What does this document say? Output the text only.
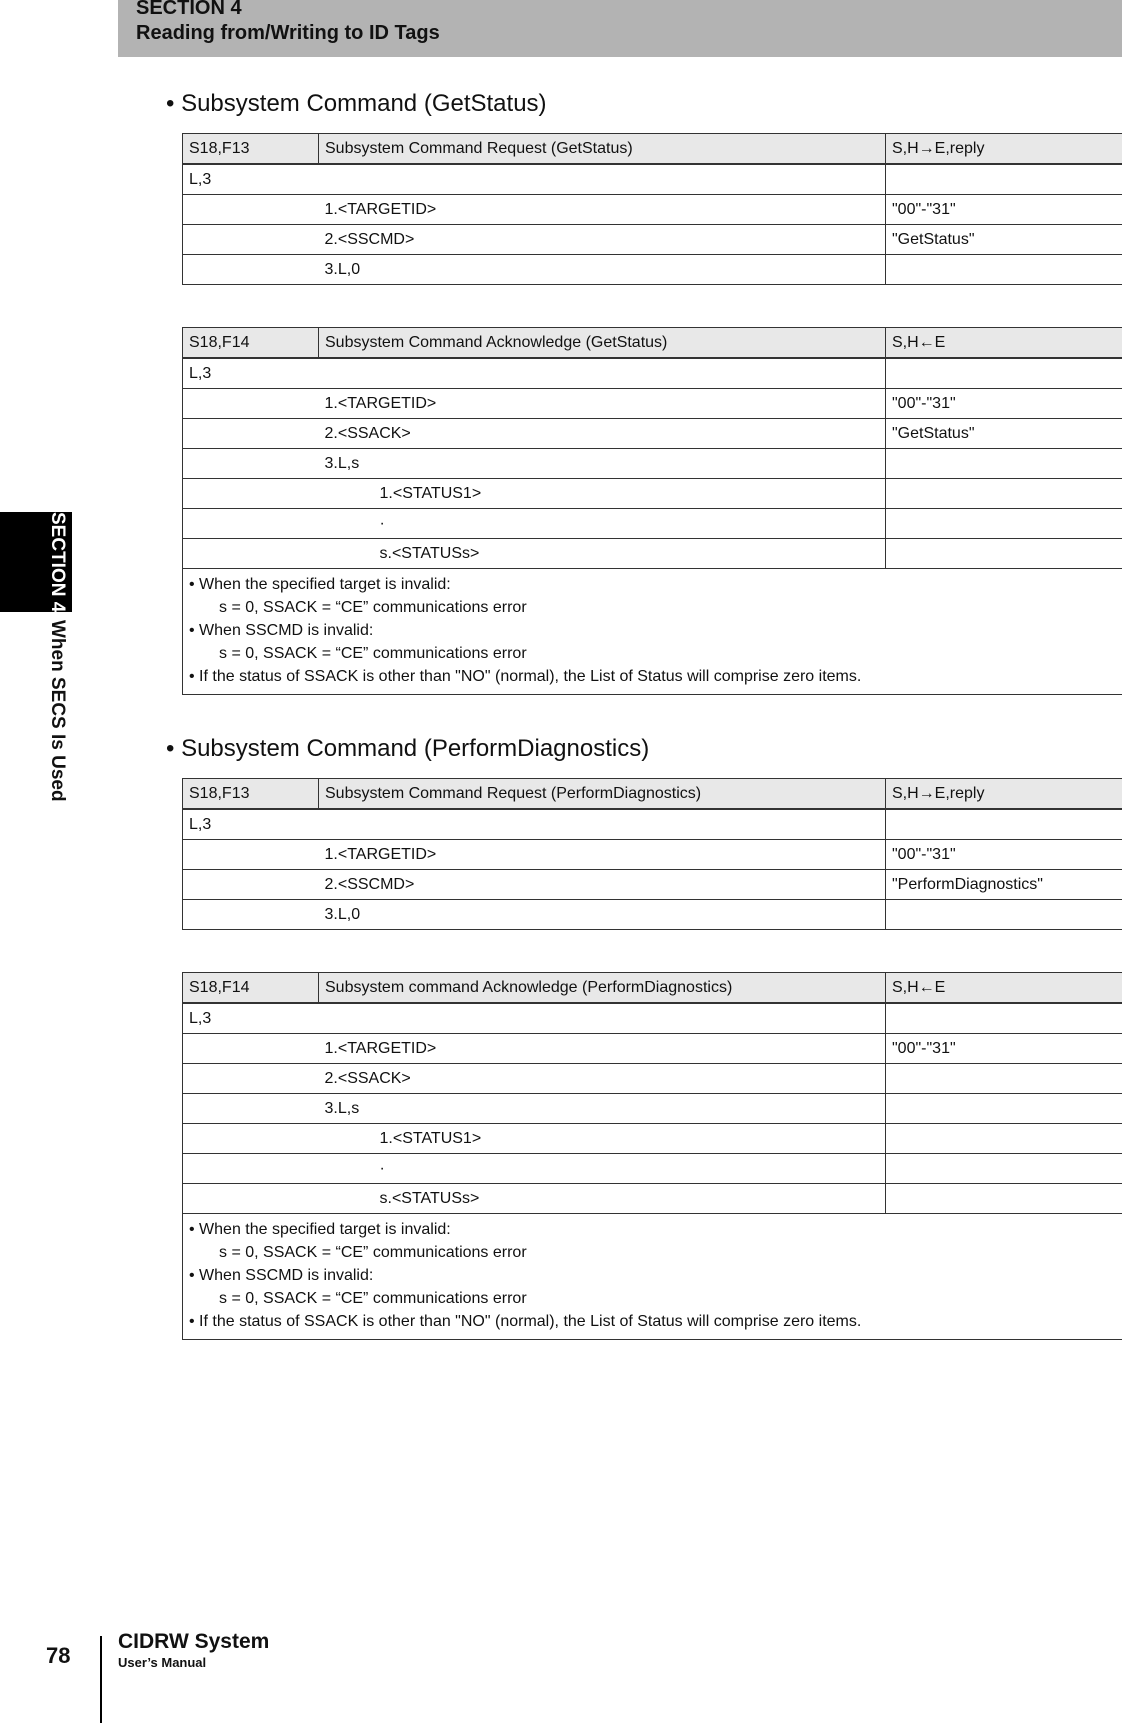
SECTION 4
Reading from/Writing to ID Tags
SECTION 4When SECS Is Used
• Subsystem Command (GetStatus)
S18,F13	Subsystem Command Request (GetStatus)	S,H→E,reply
L,3		
	1.<TARGETID>	"00"-"31"
	2.<SSCMD>	"GetStatus"
	3.L,0	
S18,F14	Subsystem Command Acknowledge (GetStatus)	S,H←E
L,3		
	1.<TARGETID>	"00"-"31"
	2.<SSACK>	"GetStatus"
	3.L,s	
	1.<STATUS1>	
	·	
	s.<STATUSs>	

• When the specified target is invalid:
s = 0, SSACK = “CE” communications error
• When SSCMD is invalid:
s = 0, SSACK = “CE” communications error
• If the status of SSACK is other than "NO" (normal), the List of Status will comprise zero items.		
• Subsystem Command (PerformDiagnostics)
S18,F13	Subsystem Command Request (PerformDiagnostics)	S,H→E,reply
L,3		
	1.<TARGETID>	"00"-"31"
	2.<SSCMD>	"PerformDiagnostics"
	3.L,0	
S18,F14	Subsystem command Acknowledge (PerformDiagnostics)	S,H←E
L,3		
	1.<TARGETID>	"00"-"31"
	2.<SSACK>	
	3.L,s	
	1.<STATUS1>	
	·	
	s.<STATUSs>	

• When the specified target is invalid:
s = 0, SSACK = “CE” communications error
• When SSCMD is invalid:
s = 0, SSACK = “CE” communications error
• If the status of SSACK is other than "NO" (normal), the List of Status will comprise zero items.		
78
CIDRW System
User’s Manual
